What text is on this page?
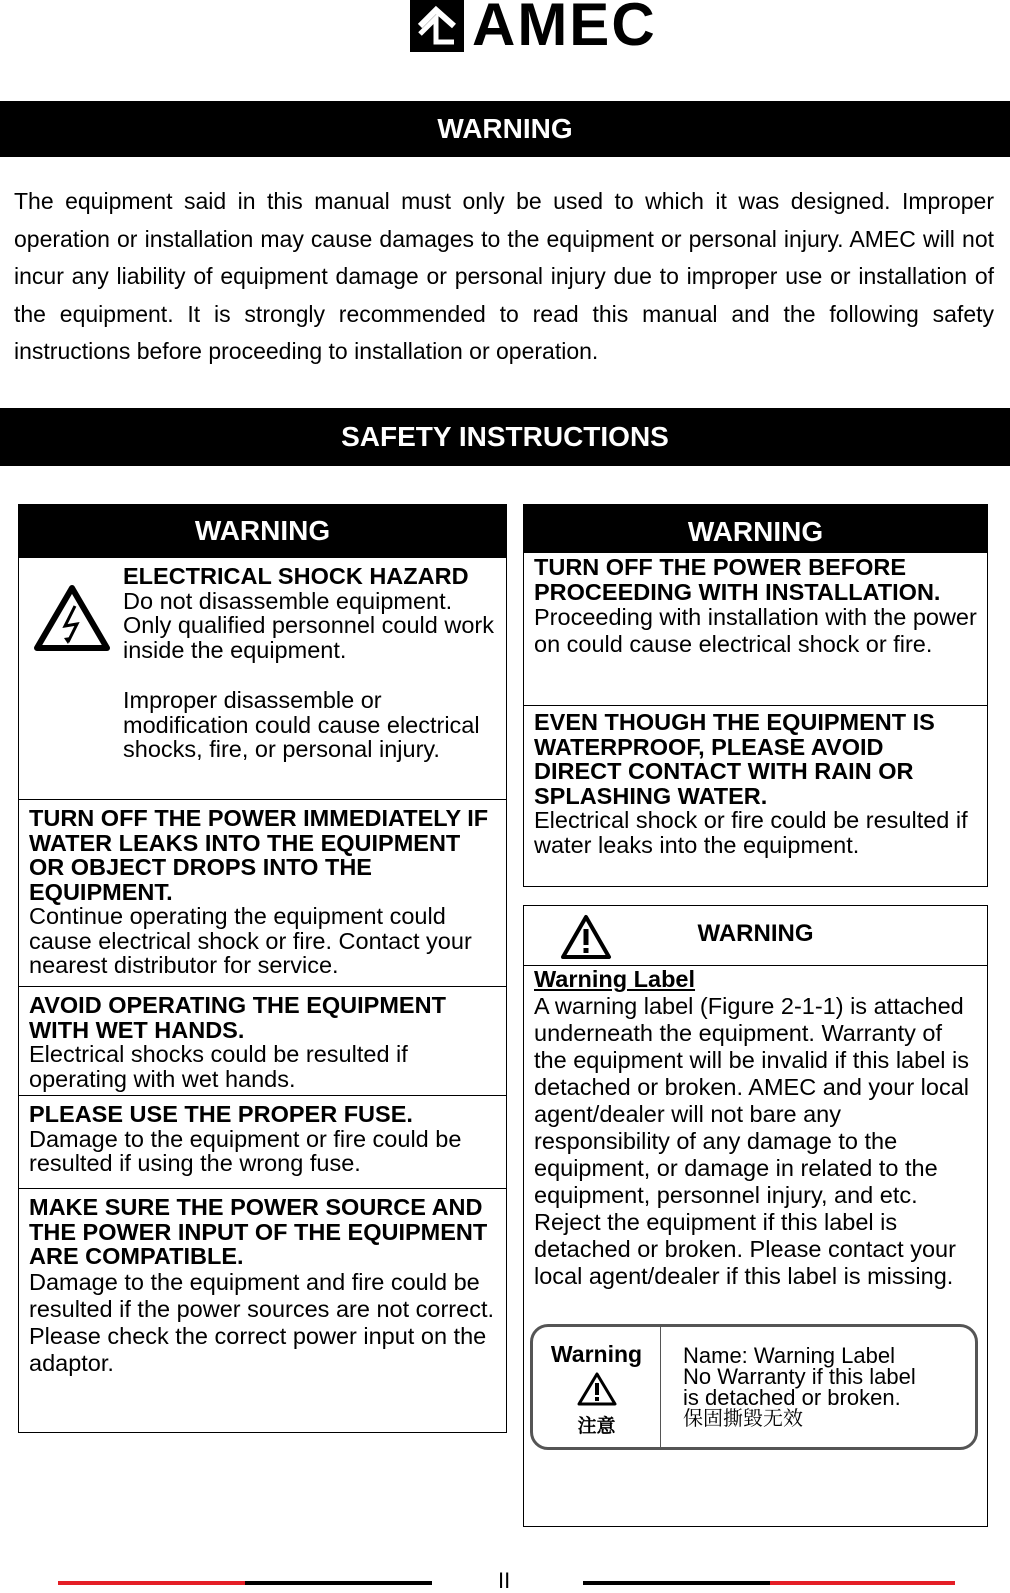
AMEC
WARNING
The equipment said in this manual must only be used to which it was designed. Improper operation or installation may cause damages to the equipment or personal injury. AMEC will not incur any liability of equipment damage or personal injury due to improper use or installation of the equipment. It is strongly recommended to read this manual and the following safety instructions before proceeding to installation or operation.
SAFETY INSTRUCTIONS
WARNING
ELECTRICAL SHOCK HAZARD
Do not disassemble equipment. Only qualified personnel could work inside the equipment.
Improper disassemble or modification could cause electrical shocks, fire, or personal injury.
TURN OFF THE POWER IMMEDIATELY IF WATER LEAKS INTO THE EQUIPMENT OR OBJECT DROPS INTO THE EQUIPMENT.
Continue operating the equipment could cause electrical shock or fire. Contact your nearest distributor for service.
AVOID OPERATING THE EQUIPMENT WITH WET HANDS.
Electrical shocks could be resulted if operating with wet hands.
PLEASE USE THE PROPER FUSE.
Damage to the equipment or fire could be resulted if using the wrong fuse.
MAKE SURE THE POWER SOURCE AND THE POWER INPUT OF THE EQUIPMENT ARE COMPATIBLE.
Damage to the equipment and fire could be resulted if the power sources are not correct. Please check the correct power input on the adaptor.
WARNING
TURN OFF THE POWER BEFORE PROCEEDING WITH INSTALLATION.
Proceeding with installation with the power on could cause electrical shock or fire.
EVEN THOUGH THE EQUIPMENT IS WATERPROOF, PLEASE AVOID DIRECT CONTACT WITH RAIN OR SPLASHING WATER.
Electrical shock or fire could be resulted if water leaks into the equipment.
WARNING
Warning Label
A warning label (Figure 2-1-1) is attached underneath the equipment. Warranty of the equipment will be invalid if this label is detached or broken. AMEC and your local agent/dealer will not bare any responsibility of any damage to the equipment, or damage in related to the equipment, personnel injury, and etc. Reject the equipment if this label is detached or broken. Please contact your local agent/dealer if this label is missing.
Warning
注意
Name: Warning Label
No Warranty if this label
is detached or broken.
保固撕毀无效
II
